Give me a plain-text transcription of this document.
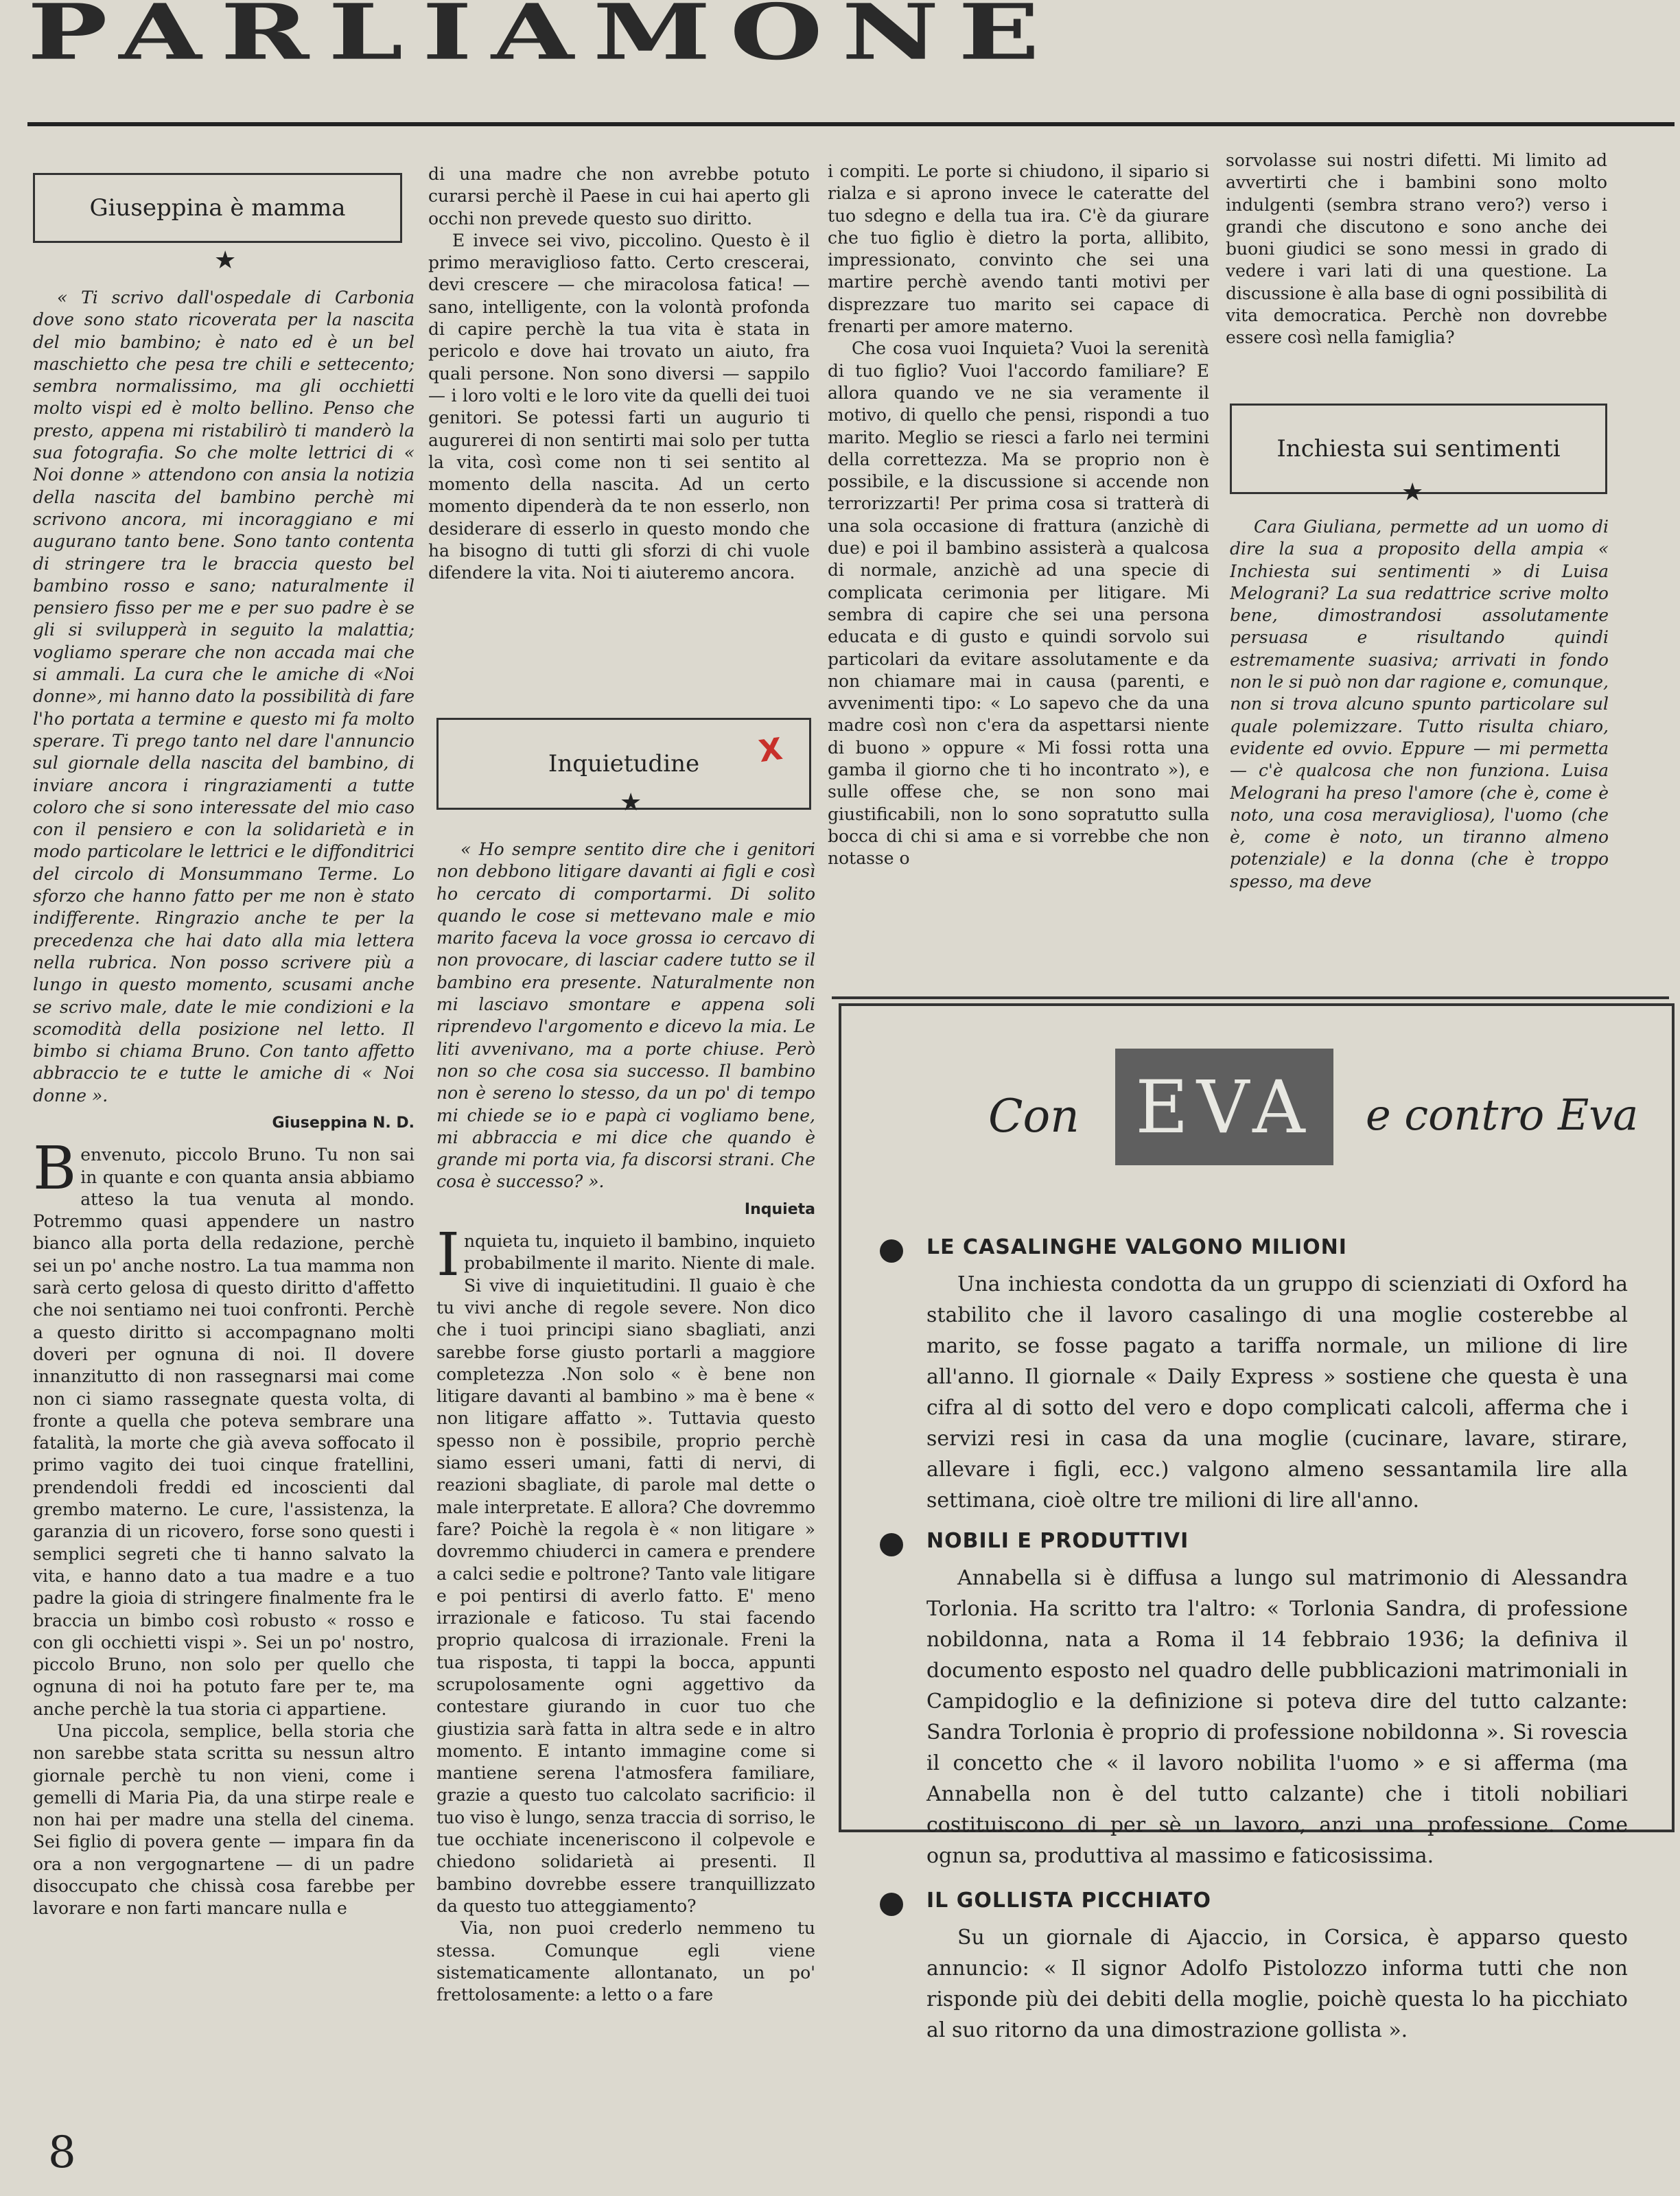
PARLIAMONE
Giuseppina è mamma
★

« Ti scrivo dall'ospedale di Carbonia dove sono stato ricoverata per la nascita del mio bambino; è nato ed è un bel maschietto che pesa tre chili e settecento; sembra normalissimo, ma gli occhietti molto vispi ed è molto bellino. Penso che presto, appena mi ristabilirò ti manderò la sua fotografia. So che molte lettrici di « Noi donne » attendono con ansia la notizia della nascita del bambino perchè mi scrivono ancora, mi incoraggiano e mi augurano tanto bene. Sono tanto contenta di stringere tra le braccia questo bel bambino rosso e sano; naturalmente il pensiero fisso per me e per suo padre è se gli si svilupperà in seguito la malattia; vogliamo sperare che non accada mai che si ammali. La cura che le amiche di «Noi donne», mi hanno dato la possibilità di fare l'ho portata a termine e questo mi fa molto sperare. Ti prego tanto nel dare l'annuncio sul giornale della nascita del bambino, di inviare ancora i ringraziamenti a tutte coloro che si sono interessate del mio caso con il pensiero e con la solidarietà e in modo particolare le lettrici e le diffonditrici del circolo di Monsummano Terme. Lo sforzo che hanno fatto per me non è stato indifferente. Ringrazio anche te per la precedenza che hai dato alla mia lettera nella rubrica. Non posso scrivere più a lungo in questo momento, scusami anche se scrivo male, date le mie condizioni e la scomodità della posizione nel letto. Il bimbo si chiama Bruno. Con tanto affetto abbraccio te e tutte le amiche di « Noi donne ».

Giuseppina N. D.

Benvenuto, piccolo Bruno. Tu non sai in quante e con quanta ansia abbiamo atteso la tua venuta al mondo. Potremmo quasi appendere un nastro bianco alla porta della redazione, perchè sei un po' anche nostro. La tua mamma non sarà certo gelosa di questo diritto d'affetto che noi sentiamo nei tuoi confronti. Perchè a questo diritto si accompagnano molti doveri per ognuna di noi. Il dovere innanzitutto di non rassegnarsi mai come non ci siamo rassegnate questa volta, di fronte a quella che poteva sembrare una fatalità, la morte che già aveva soffocato il primo vagito dei tuoi cinque fratellini, prendendoli freddi ed incoscienti dal grembo materno. Le cure, l'assistenza, la garanzia di un ricovero, forse sono questi i semplici segreti che ti hanno salvato la vita, e hanno dato a tua madre e a tuo padre la gioia di stringere finalmente fra le braccia un bimbo così robusto « rosso e con gli occhietti vispi ». Sei un po' nostro, piccolo Bruno, non solo per quello che ognuna di noi ha potuto fare per te, ma anche perchè la tua storia ci appartiene.

Una piccola, semplice, bella storia che non sarebbe stata scritta su nessun altro giornale perchè tu non vieni, come i gemelli di Maria Pia, da una stirpe reale e non hai per madre una stella del cinema. Sei figlio di povera gente — impara fin da ora a non vergognartene — di un padre disoccupato che chissà cosa farebbe per lavorare e non farti mancare nulla e

di una madre che non avrebbe potuto curarsi perchè il Paese in cui hai aperto gli occhi non prevede questo suo diritto.

E invece sei vivo, piccolino. Questo è il primo meraviglioso fatto. Certo crescerai, devi crescere — che miracolosa fatica! — sano, intelligente, con la volontà profonda di capire perchè la tua vita è stata in pericolo e dove hai trovato un aiuto, fra quali persone. Non sono diversi — sappilo — i loro volti e le loro vite da quelli dei tuoi genitori. Se potessi farti un augurio ti augurerei di non sentirti mai solo per tutta la vita, così come non ti sei sentito al momento della nascita. Ad un certo momento dipenderà da te non esserlo, non desiderare di esserlo in questo mondo che ha bisogno di tutti gli sforzi di chi vuole difendere la vita. Noi ti aiuteremo ancora.

Inquietudine X
★

« Ho sempre sentito dire che i genitori non debbono litigare davanti ai figli e così ho cercato di comportarmi. Di solito quando le cose si mettevano male e mio marito faceva la voce grossa io cercavo di non provocare, di lasciar cadere tutto se il bambino era presente. Naturalmente non mi lasciavo smontare e appena soli riprendevo l'argomento e dicevo la mia. Le liti avvenivano, ma a porte chiuse. Però non so che cosa sia successo. Il bambino non è sereno lo stesso, da un po' di tempo mi chiede se io e papà ci vogliamo bene, mi abbraccia e mi dice che quando è grande mi porta via, fa discorsi strani. Che cosa è successo? ».

Inquieta

Inquieta tu, inquieto il bambino, inquieto probabilmente il marito. Niente di male. Si vive di inquietitudini. Il guaio è che tu vivi anche di regole severe. Non dico che i tuoi principi siano sbagliati, anzi sarebbe forse giusto portarli a maggiore completezza .Non solo « è bene non litigare davanti al bambino » ma è bene « non litigare affatto ». Tuttavia questo spesso non è possibile, proprio perchè siamo esseri umani, fatti di nervi, di reazioni sbagliate, di parole mal dette o male interpretate. E allora? Che dovremmo fare? Poichè la regola è « non litigare » dovremmo chiuderci in camera e prendere a calci sedie e poltrone? Tanto vale litigare e poi pentirsi di averlo fatto. E' meno irrazionale e faticoso. Tu stai facendo proprio qualcosa di irrazionale. Freni la tua risposta, ti tappi la bocca, appunti scrupolosamente ogni aggettivo da contestare giurando in cuor tuo che giustizia sarà fatta in altra sede e in altro momento. E intanto immagine come si mantiene serena l'atmosfera familiare, grazie a questo tuo calcolato sacrificio: il tuo viso è lungo, senza traccia di sorriso, le tue occhiate inceneriscono il colpevole e chiedono solidarietà ai presenti. Il bambino dovrebbe essere tranquillizzato da questo tuo atteggiamento?

Via, non puoi crederlo nemmeno tu stessa. Comunque egli viene sistematicamente allontanato, un po' frettolosamente: a letto o a fare

i compiti. Le porte si chiudono, il sipario si rialza e si aprono invece le cateratte del tuo sdegno e della tua ira. C'è da giurare che tuo figlio è dietro la porta, allibito, impressionato, convinto che sei una martire perchè avendo tanti motivi per disprezzare tuo marito sei capace di frenarti per amore materno.

Che cosa vuoi Inquieta? Vuoi la serenità di tuo figlio? Vuoi l'accordo familiare? E allora quando ve ne sia veramente il motivo, di quello che pensi, rispondi a tuo marito. Meglio se riesci a farlo nei termini della correttezza. Ma se proprio non è possibile, e la discussione si accende non terrorizzarti! Per prima cosa si tratterà di una sola occasione di frattura (anzichè di due) e poi il bambino assisterà a qualcosa di normale, anzichè ad una specie di complicata cerimonia per litigare. Mi sembra di capire che sei una persona educata e di gusto e quindi sorvolo sui particolari da evitare assolutamente e da non chiamare mai in causa (parenti, e avvenimenti tipo: « Lo sapevo che da una madre così non c'era da aspettarsi niente di buono » oppure « Mi fossi rotta una gamba il giorno che ti ho incontrato »), e sulle offese che, se non sono mai giustificabili, non lo sono sopratutto sulla bocca di chi si ama e si vorrebbe che non notasse o

sorvolasse sui nostri difetti. Mi limito ad avvertirti che i bambini sono molto indulgenti (sembra strano vero?) verso i grandi che discutono e sono anche dei buoni giudici se sono messi in grado di vedere i vari lati di una questione. La discussione è alla base di ogni possibilità di vita democratica. Perchè non dovrebbe essere così nella famiglia?

Inchiesta sui sentimenti
★

Cara Giuliana, permette ad un uomo di dire la sua a proposito della ampia « Inchiesta sui sentimenti » di Luisa Melograni? La sua redattrice scrive molto bene, dimostrandosi assolutamente persuasa e risultando quindi estremamente suasiva; arrivati in fondo non le si può non dar ragione e, comunque, non si trova alcuno spunto particolare sul quale polemizzare. Tutto risulta chiaro, evidente ed ovvio. Eppure — mi permetta — c'è qualcosa che non funziona. Luisa Melograni ha preso l'amore (che è, come è noto, una cosa meravigliosa), l'uomo (che è, come è noto, un tiranno almeno potenziale) e la donna (che è troppo spesso, ma deve

Con EVA	e contro Eva
LE CASALINGHE VALGONO MILIONI

Una inchiesta condotta da un gruppo di scienziati di Oxford ha stabilito che il lavoro casalingo di una moglie costerebbe al marito, se fosse pagato a tariffa normale, un milione di lire all'anno. Il giornale « Daily Express » sostiene che questa è una cifra al di sotto del vero e dopo complicati calcoli, afferma che i servizi resi in casa da una moglie (cucinare, lavare, stirare, allevare i figli, ecc.) valgono almeno sessantamila lire alla settimana, cioè oltre tre milioni di lire all'anno.

NOBILI E PRODUTTIVI

Annabella si è diffusa a lungo sul matrimonio di Alessandra Torlonia. Ha scritto tra l'altro: « Torlonia Sandra, di professione nobildonna, nata a Roma il 14 febbraio 1936; la definiva il documento esposto nel quadro delle pubblicazioni matrimoniali in Campidoglio e la definizione si poteva dire del tutto calzante: Sandra Torlonia è proprio di professione nobildonna ». Si rovescia il concetto che « il lavoro nobilita l'uomo » e si afferma (ma Annabella non è del tutto calzante) che i titoli nobiliari costituiscono di per sè un lavoro, anzi una professione. Come ognun sa, produttiva al massimo e faticosissima.

IL GOLLISTA PICCHIATO

Su un giornale di Ajaccio, in Corsica, è apparso questo annuncio: « Il signor Adolfo Pistolozzo informa tutti che non risponde più dei debiti della moglie, poichè questa lo ha picchiato al suo ritorno da una dimostrazione gollista ».

8
